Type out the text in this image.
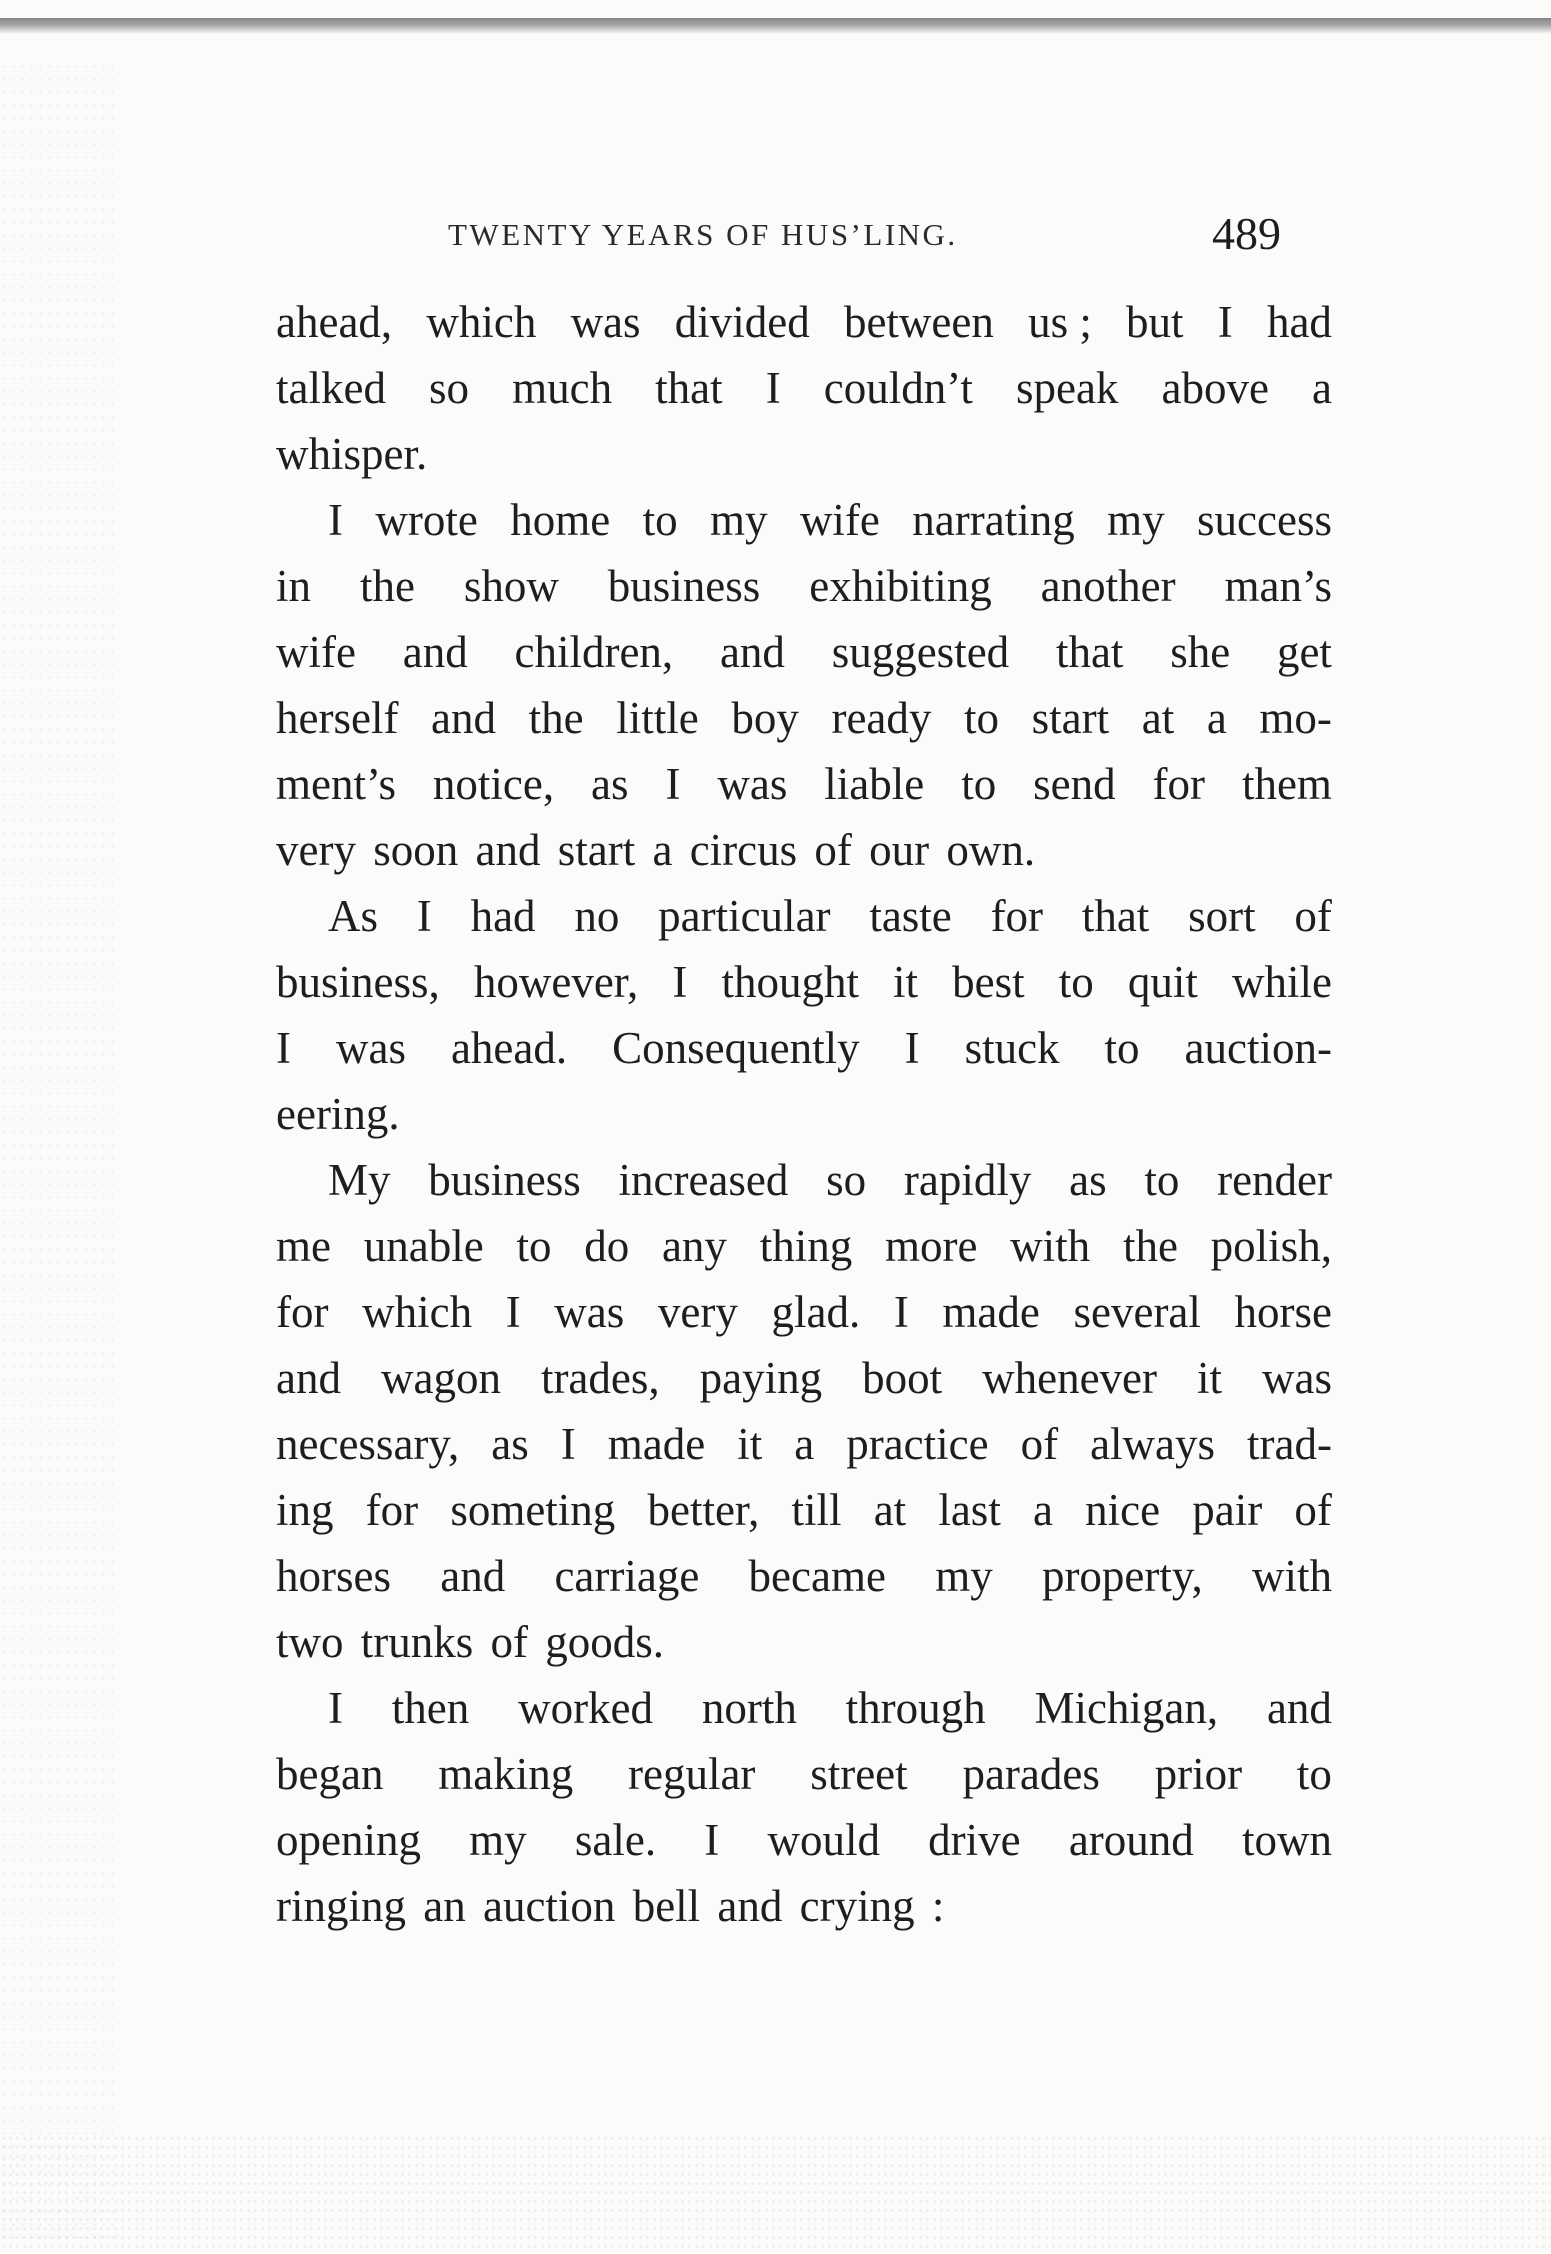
TWENTY YEARS OF HUS’LING.	489
ahead, which was divided between us ; but I had
talked so much that I couldn’t speak above a
whisper.
I wrote home to my wife narrating my success
in the show business exhibiting another man’s
wife and children, and suggested that she get
herself and the little boy ready to start at a mo-
ment’s notice, as I was liable to send for them
very
soon
and
start
a
circus
of
our
own.
As I had no particular taste for that sort of
business, however, I thought it best to quit while
I was ahead. Consequently I stuck to auction-
eering.
My business increased so rapidly as to render
me unable to do any thing more with the polish,
for which I was very glad. I made several horse
and wagon trades, paying boot whenever it was
necessary, as I made it a practice of always trad-
ing for someting better, till at last a nice pair of
horses and carriage became my property, with
two
trunks
of
goods.
I then worked north through Michigan, and
began making regular street parades prior to
opening my sale. I would drive around town
ringing
an
auction
bell
and
crying :
